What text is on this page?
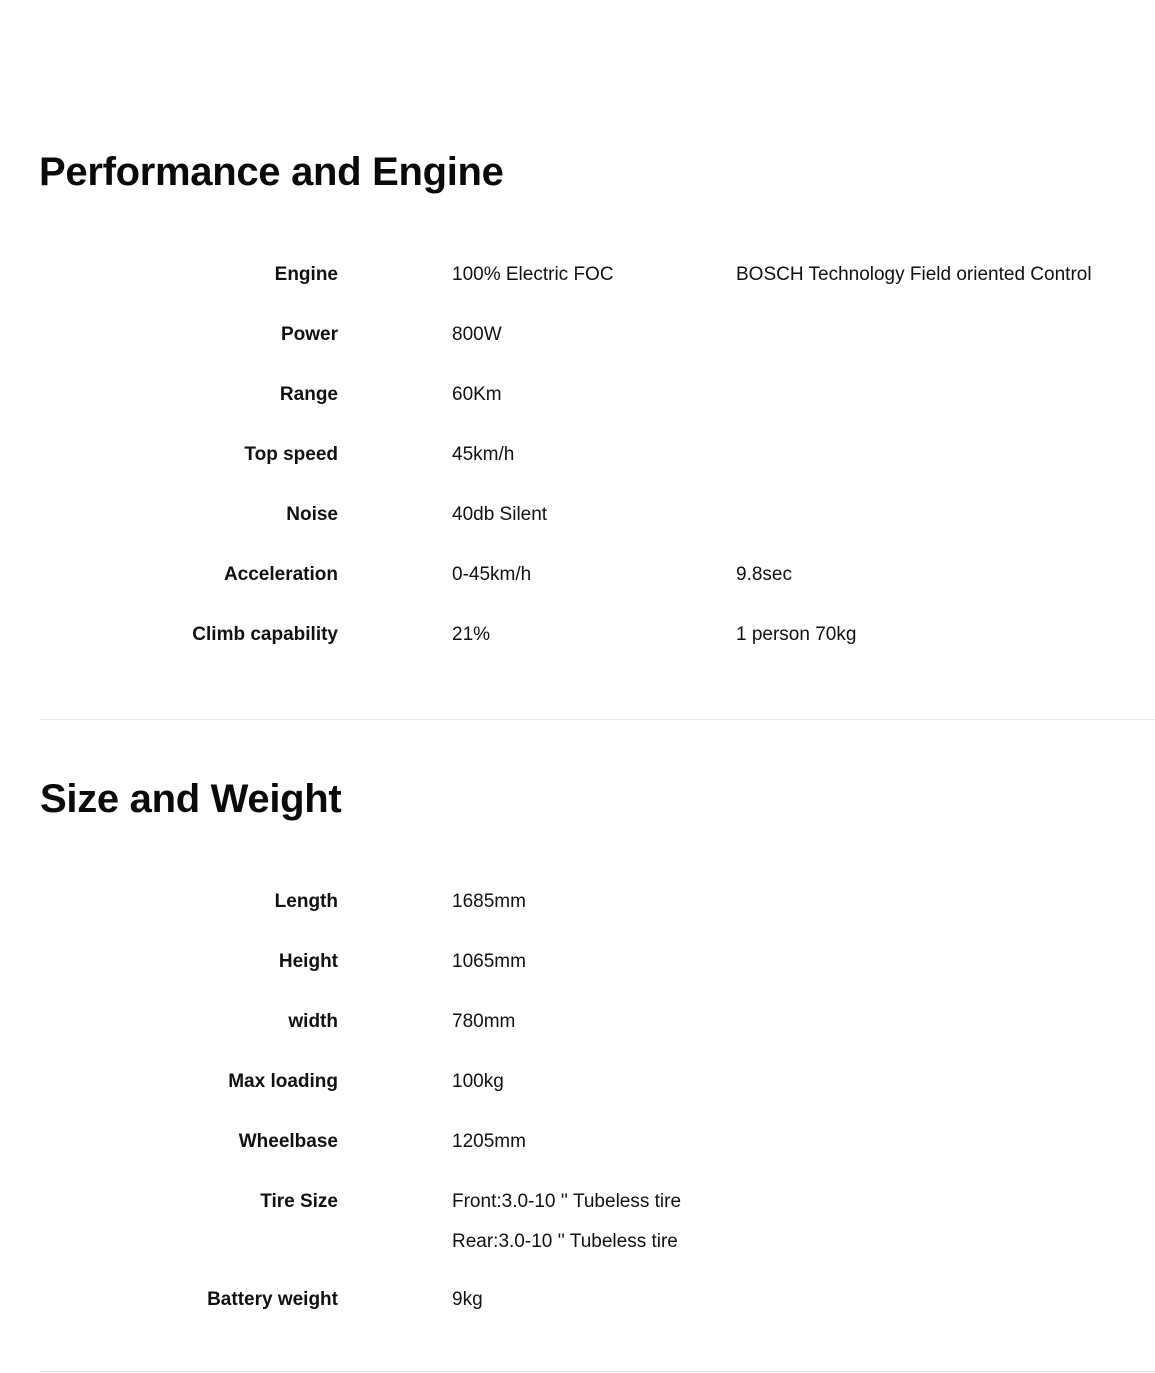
Performance and Engine
Engine	100% Electric FOC	BOSCH Technology Field oriented Control
Power	800W
Range	60Km
Top speed	45km/h
Noise	40db Silent
Acceleration	0-45km/h	9.8sec
Climb capability	21%	1 person 70kg
Size and Weight
Length	1685mm
Height	1065mm
width	780mm
Max loading	100kg
Wheelbase	1205mm
Tire Size	Front:3.0-10 '' Tubeless tire
Rear:3.0-10 '' Tubeless tire
Battery weight	9kg
